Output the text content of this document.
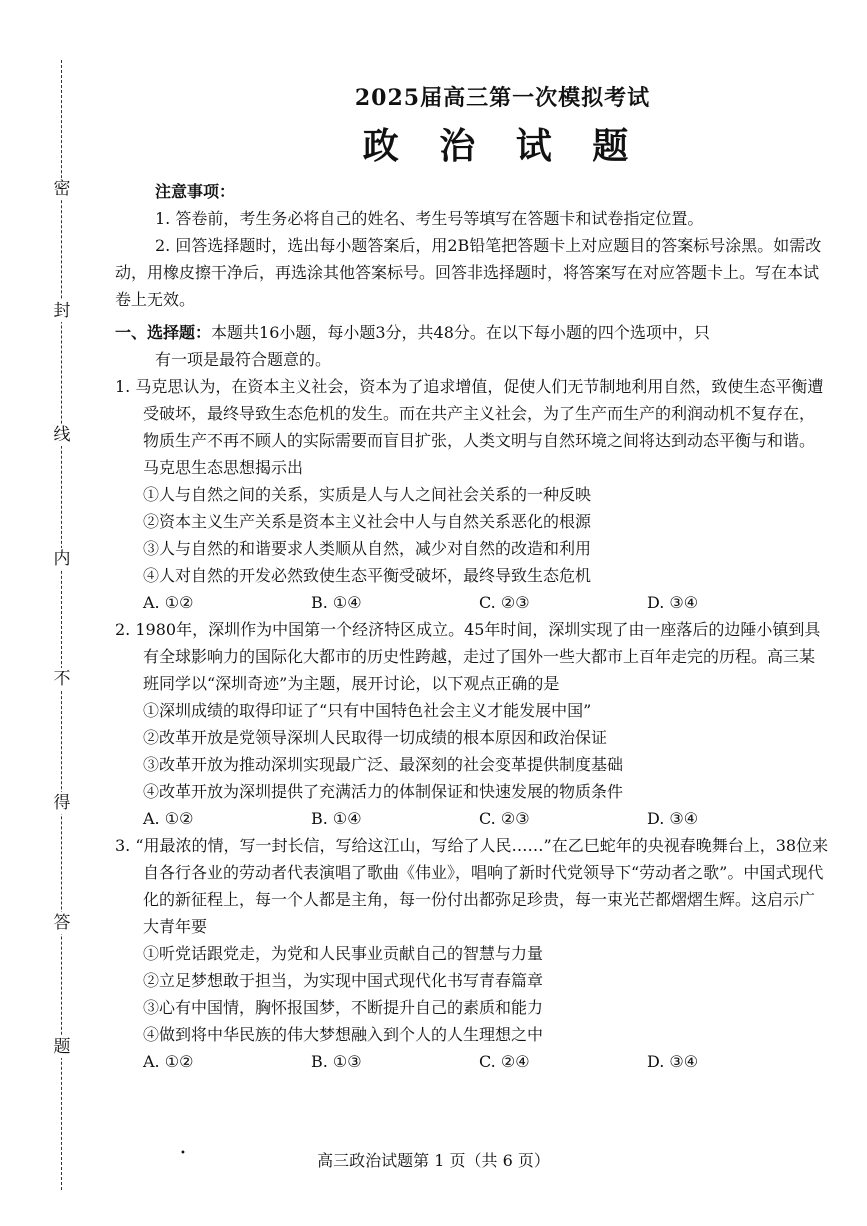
密
封
线
内
不
得
答
题
2025届高三第一次模拟考试
政 治 试 题
注意事项：

1. 答卷前，考生务必将自己的姓名、考生号等填写在答题卡和试卷指定位置。

2. 回答选择题时，选出每小题答案后，用2B铅笔把答题卡上对应题目的答案标号涂黑。如需改动，用橡皮擦干净后，再选涂其他答案标号。回答非选择题时，将答案写在对应答题卡上。写在本试卷上无效。

一、选择题：本题共16小题，每小题3分，共48分。在以下每小题的四个选项中，只
有一项是最符合题意的。

1. 马克思认为，在资本主义社会，资本为了追求增值，促使人们无节制地利用自然，致使生态平衡遭受破坏，最终导致生态危机的发生。而在共产主义社会，为了生产而生产的利润动机不复存在，物质生产不再不顾人的实际需要而盲目扩张，人类文明与自然环境之间将达到动态平衡与和谐。马克思生态思想揭示出

①人与自然之间的关系，实质是人与人之间社会关系的一种反映

②资本主义生产关系是资本主义社会中人与自然关系恶化的根源

③人与自然的和谐要求人类顺从自然，减少对自然的改造和利用

④人对自然的开发必然致使生态平衡受破坏，最终导致生态危机

A. ①②	B. ①④	C. ②③	D. ③④

2. 1980年，深圳作为中国第一个经济特区成立。45年时间，深圳实现了由一座落后的边陲小镇到具有全球影响力的国际化大都市的历史性跨越，走过了国外一些大都市上百年走完的历程。高三某班同学以“深圳奇迹”为主题，展开讨论，以下观点正确的是

①深圳成绩的取得印证了“只有中国特色社会主义才能发展中国”

②改革开放是党领导深圳人民取得一切成绩的根本原因和政治保证

③改革开放为推动深圳实现最广泛、最深刻的社会变革提供制度基础

④改革开放为深圳提供了充满活力的体制保证和快速发展的物质条件

A. ①②	B. ①④	C. ②③	D. ③④

3. “用最浓的情，写一封长信，写给这江山，写给了人民……”在乙巳蛇年的央视春晚舞台上，38位来自各行各业的劳动者代表演唱了歌曲《伟业》，唱响了新时代党领导下“劳动者之歌”。中国式现代化的新征程上，每一个人都是主角，每一份付出都弥足珍贵，每一束光芒都熠熠生辉。这启示广大青年要

①听党话跟党走，为党和人民事业贡献自己的智慧与力量

②立足梦想敢于担当，为实现中国式现代化书写青春篇章

③心有中国情，胸怀报国梦，不断提升自己的素质和能力

④做到将中华民族的伟大梦想融入到个人的人生理想之中

A. ①②	B. ①③	C. ②④	D. ③④
•	高三政治试题第 1 页（共 6 页）
